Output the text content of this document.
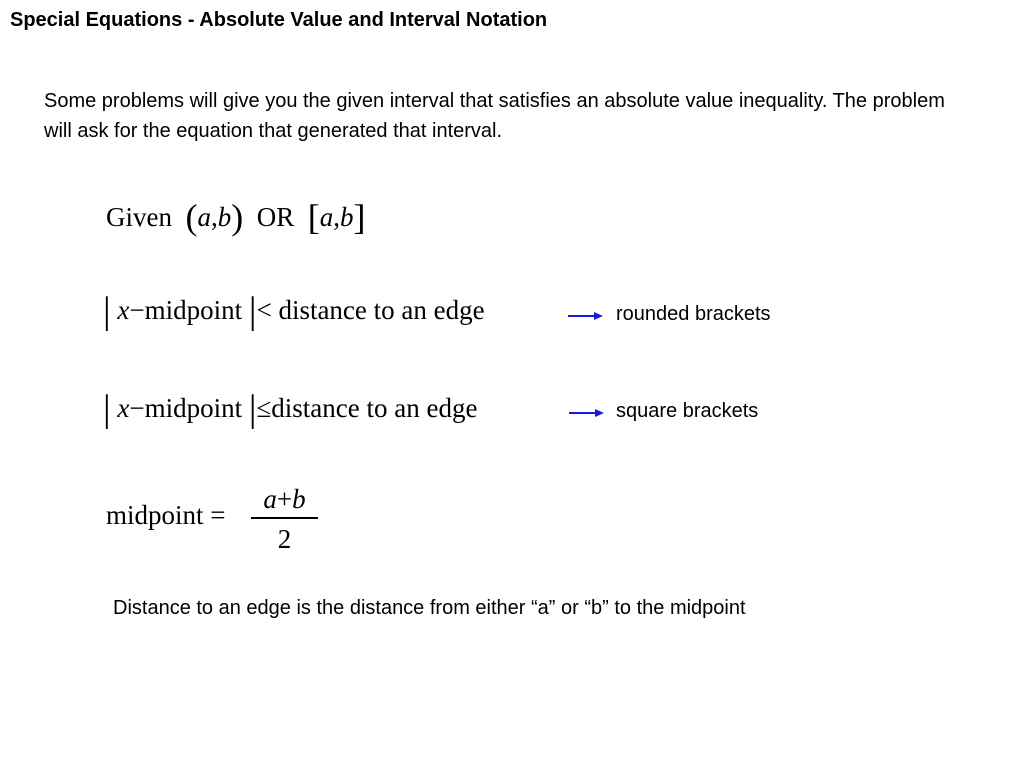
Special Equations - Absolute Value and Interval Notation
Some problems will give you the given interval that satisfies an absolute value inequality. The problem will ask for the equation that generated that interval.
Given (a,b) OR [a,b]
| x−midpoint |< distance to an edge	rounded brackets
| x−midpoint |≤distance to an edge	square brackets
midpoint =
a+b
2
Distance to an edge is the distance from either “a” or “b” to the midpoint
